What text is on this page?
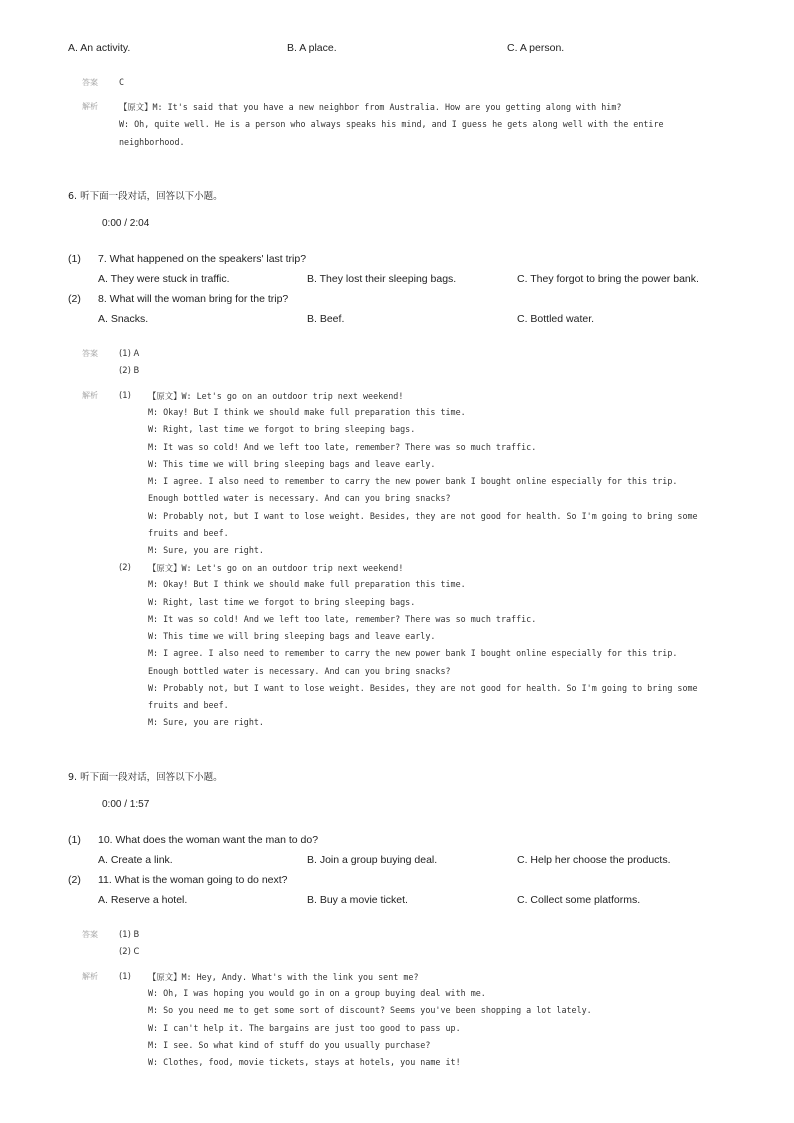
A. An activity.	B. A place.	C. A person.
答案	C
解析	【原文】M: It's said that you have a new neighbor from Australia. How are you getting along with him?
W: Oh, quite well. He is a person who always speaks his mind, and I guess he gets along well with the entire
neighborhood.
6. 听下面一段对话，回答以下小题。
0:00 / 2:04
(1) 7. What happened on the speakers' last trip?
A. They were stuck in traffic.	B. They lost their sleeping bags.	C. They forgot to bring the power bank.
(2) 8. What will the woman bring for the trip?
A. Snacks.	B. Beef.	C. Bottled water.
答案	(1) A
(2) B
解析	(1) 【原文】W: Let's go on an outdoor trip next weekend!
M: Okay! But I think we should make full preparation this time.
W: Right, last time we forgot to bring sleeping bags.
M: It was so cold! And we left too late, remember? There was so much traffic.
W: This time we will bring sleeping bags and leave early.
M: I agree. I also need to remember to carry the new power bank I bought online especially for this trip.
Enough bottled water is necessary. And can you bring snacks?
W: Probably not, but I want to lose weight. Besides, they are not good for health. So I'm going to bring some
fruits and beef.
M: Sure, you are right.
(2) 【原文】W: Let's go on an outdoor trip next weekend!
M: Okay! But I think we should make full preparation this time.
W: Right, last time we forgot to bring sleeping bags.
M: It was so cold! And we left too late, remember? There was so much traffic.
W: This time we will bring sleeping bags and leave early.
M: I agree. I also need to remember to carry the new power bank I bought online especially for this trip.
Enough bottled water is necessary. And can you bring snacks?
W: Probably not, but I want to lose weight. Besides, they are not good for health. So I'm going to bring some
fruits and beef.
M: Sure, you are right.
9. 听下面一段对话，回答以下小题。
0:00 / 1:57
(1) 10. What does the woman want the man to do?
A. Create a link.	B. Join a group buying deal.	C. Help her choose the products.
(2) 11. What is the woman going to do next?
A. Reserve a hotel.	B. Buy a movie ticket.	C. Collect some platforms.
答案	(1) B
(2) C
解析	(1) 【原文】M: Hey, Andy. What's with the link you sent me?
W: Oh, I was hoping you would go in on a group buying deal with me.
M: So you need me to get some sort of discount? Seems you've been shopping a lot lately.
W: I can't help it. The bargains are just too good to pass up.
M: I see. So what kind of stuff do you usually purchase?
W: Clothes, food, movie tickets, stays at hotels, you name it!
